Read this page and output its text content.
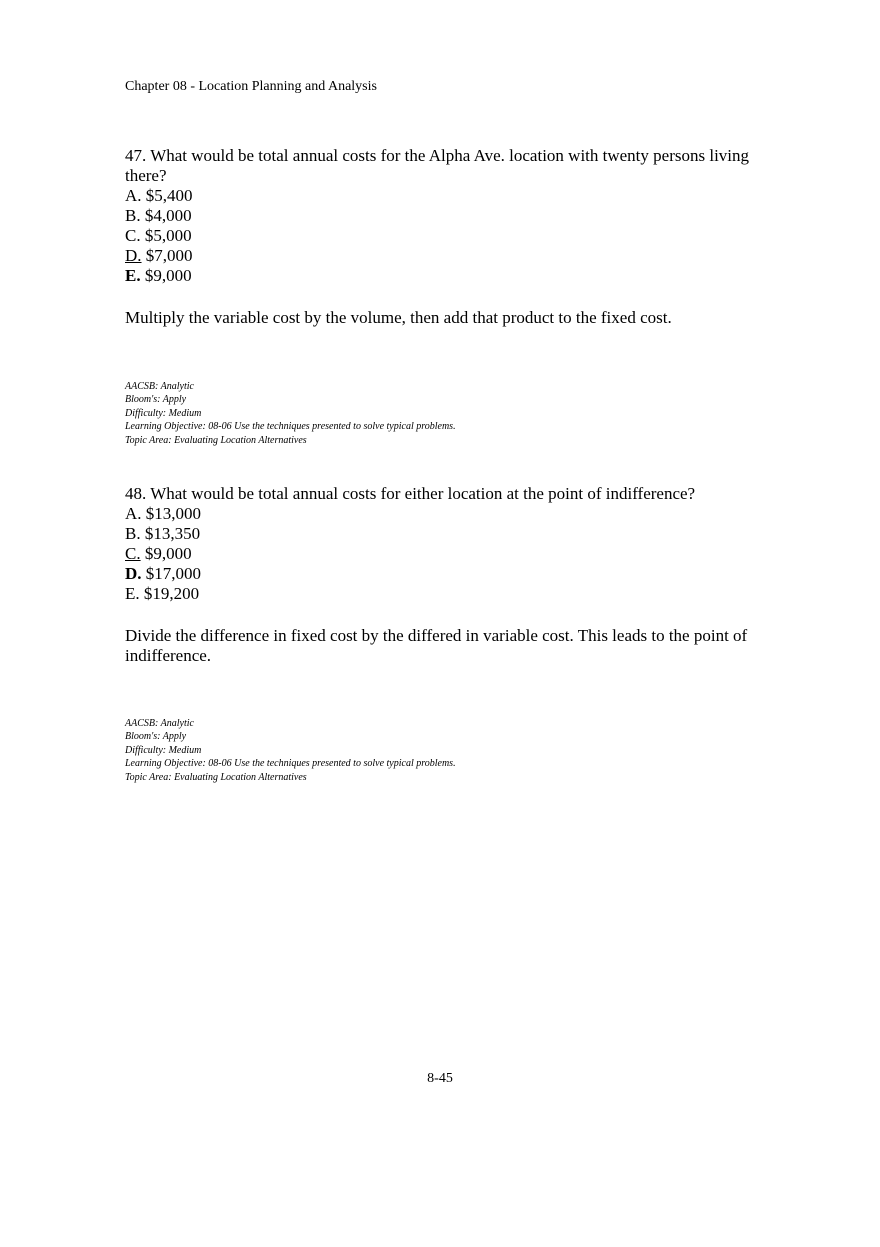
Chapter 08 - Location Planning and Analysis

47. What would be total annual costs for the Alpha Ave. location with twenty persons living there?

A. $5,400
B. $4,000
C. $5,000
D. $7,000
E. $9,000

Multiply the variable cost by the volume, then add that product to the fixed cost.

AACSB: Analytic
Bloom's: Apply
Difficulty: Medium
Learning Objective: 08-06 Use the techniques presented to solve typical problems.
Topic Area: Evaluating Location Alternatives

48. What would be total annual costs for either location at the point of indifference?

A. $13,000
B. $13,350
C. $9,000
D. $17,000
E. $19,200

Divide the difference in fixed cost by the differed in variable cost. This leads to the point of indifference.

AACSB: Analytic
Bloom's: Apply
Difficulty: Medium
Learning Objective: 08-06 Use the techniques presented to solve typical problems.
Topic Area: Evaluating Location Alternatives
8-45
